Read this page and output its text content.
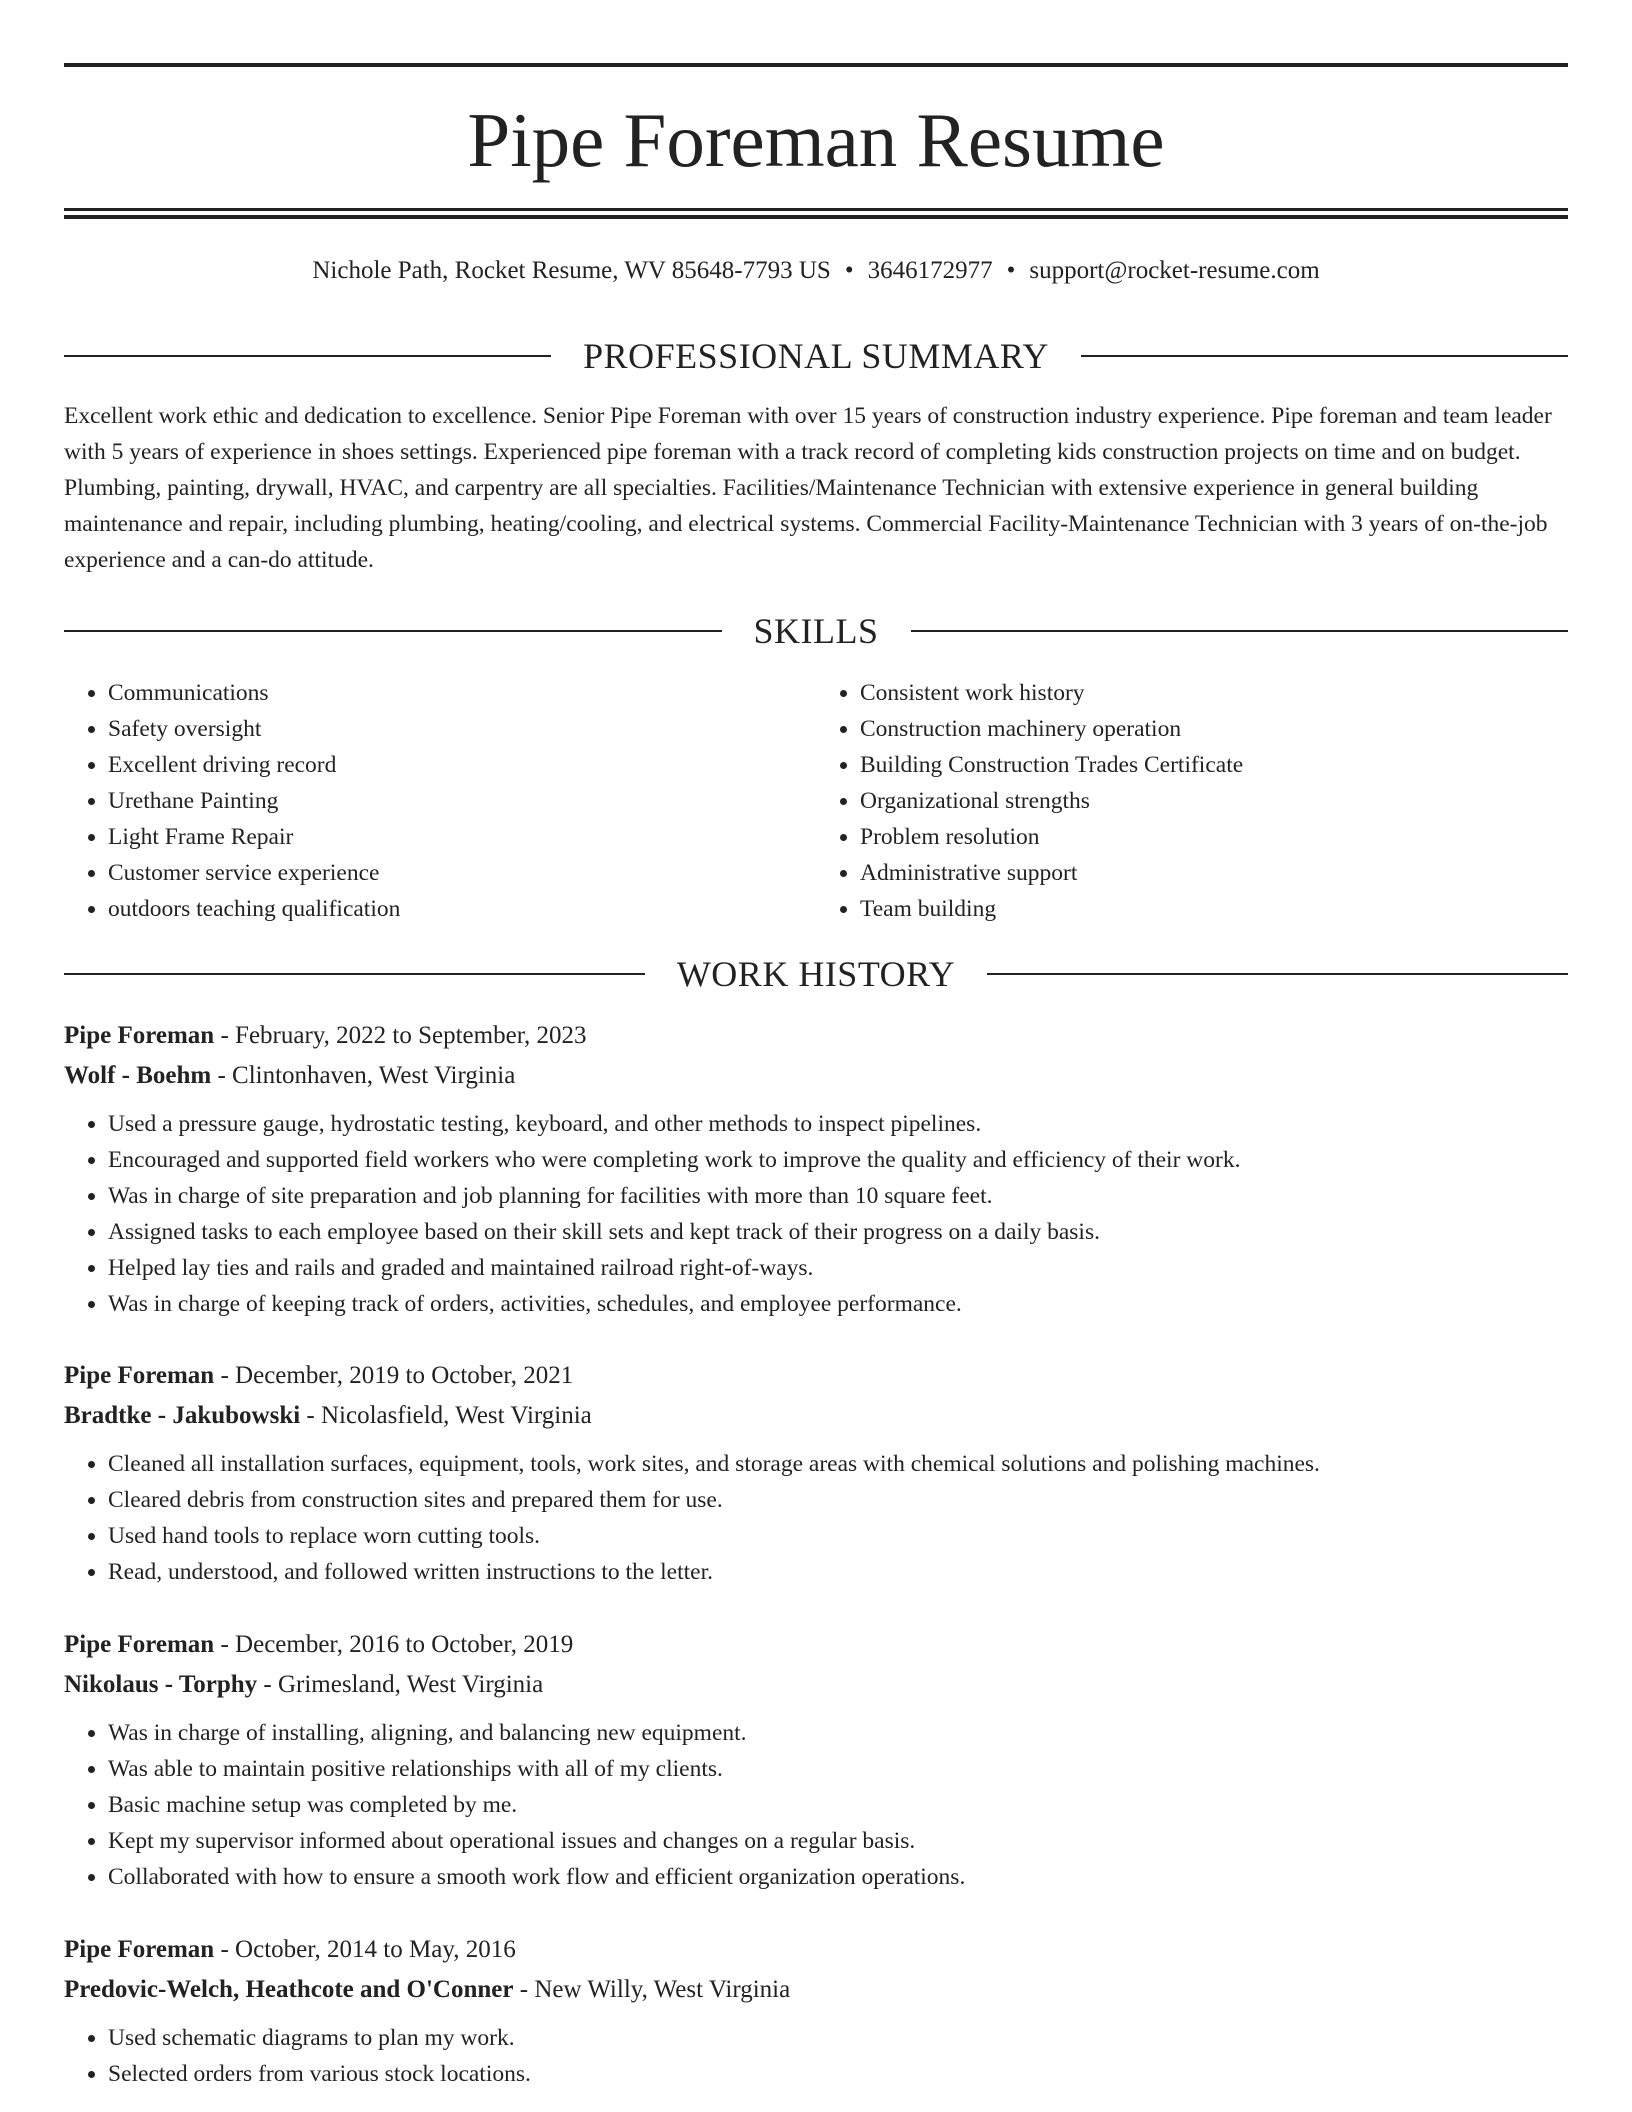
Pipe Foreman Resume
Nichole Path, Rocket Resume, WV 85648-7793 US • 3646172977 • support@rocket-resume.com
PROFESSIONAL SUMMARY

Excellent work ethic and dedication to excellence. Senior Pipe Foreman with over 15 years of construction industry experience. Pipe foreman and team leader with 5 years of experience in shoes settings. Experienced pipe foreman with a track record of completing kids construction projects on time and on budget. Plumbing, painting, drywall, HVAC, and carpentry are all specialties. Facilities/Maintenance Technician with extensive experience in general building maintenance and repair, including plumbing, heating/cooling, and electrical systems. Commercial Facility-Maintenance Technician with 3 years of on-the-job experience and a can-do attitude.

SKILLS
• Communications
• Safety oversight
• Excellent driving record
• Urethane Painting
• Light Frame Repair
• Customer service experience
• outdoors teaching qualification
• Consistent work history
• Construction machinery operation
• Building Construction Trades Certificate
• Organizational strengths
• Problem resolution
• Administrative support
• Team building
WORK HISTORY
Pipe Foreman - February, 2022 to September, 2023
Wolf - Boehm - Clintonhaven, West Virginia
• Used a pressure gauge, hydrostatic testing, keyboard, and other methods to inspect pipelines.
• Encouraged and supported field workers who were completing work to improve the quality and efficiency of their work.
• Was in charge of site preparation and job planning for facilities with more than 10 square feet.
• Assigned tasks to each employee based on their skill sets and kept track of their progress on a daily basis.
• Helped lay ties and rails and graded and maintained railroad right-of-ways.
• Was in charge of keeping track of orders, activities, schedules, and employee performance.
Pipe Foreman - December, 2019 to October, 2021
Bradtke - Jakubowski - Nicolasfield, West Virginia
• Cleaned all installation surfaces, equipment, tools, work sites, and storage areas with chemical solutions and polishing machines.
• Cleared debris from construction sites and prepared them for use.
• Used hand tools to replace worn cutting tools.
• Read, understood, and followed written instructions to the letter.
Pipe Foreman - December, 2016 to October, 2019
Nikolaus - Torphy - Grimesland, West Virginia
• Was in charge of installing, aligning, and balancing new equipment.
• Was able to maintain positive relationships with all of my clients.
• Basic machine setup was completed by me.
• Kept my supervisor informed about operational issues and changes on a regular basis.
• Collaborated with how to ensure a smooth work flow and efficient organization operations.
Pipe Foreman - October, 2014 to May, 2016
Predovic-Welch, Heathcote and O'Conner - New Willy, West Virginia
• Used schematic diagrams to plan my work.
• Selected orders from various stock locations.
